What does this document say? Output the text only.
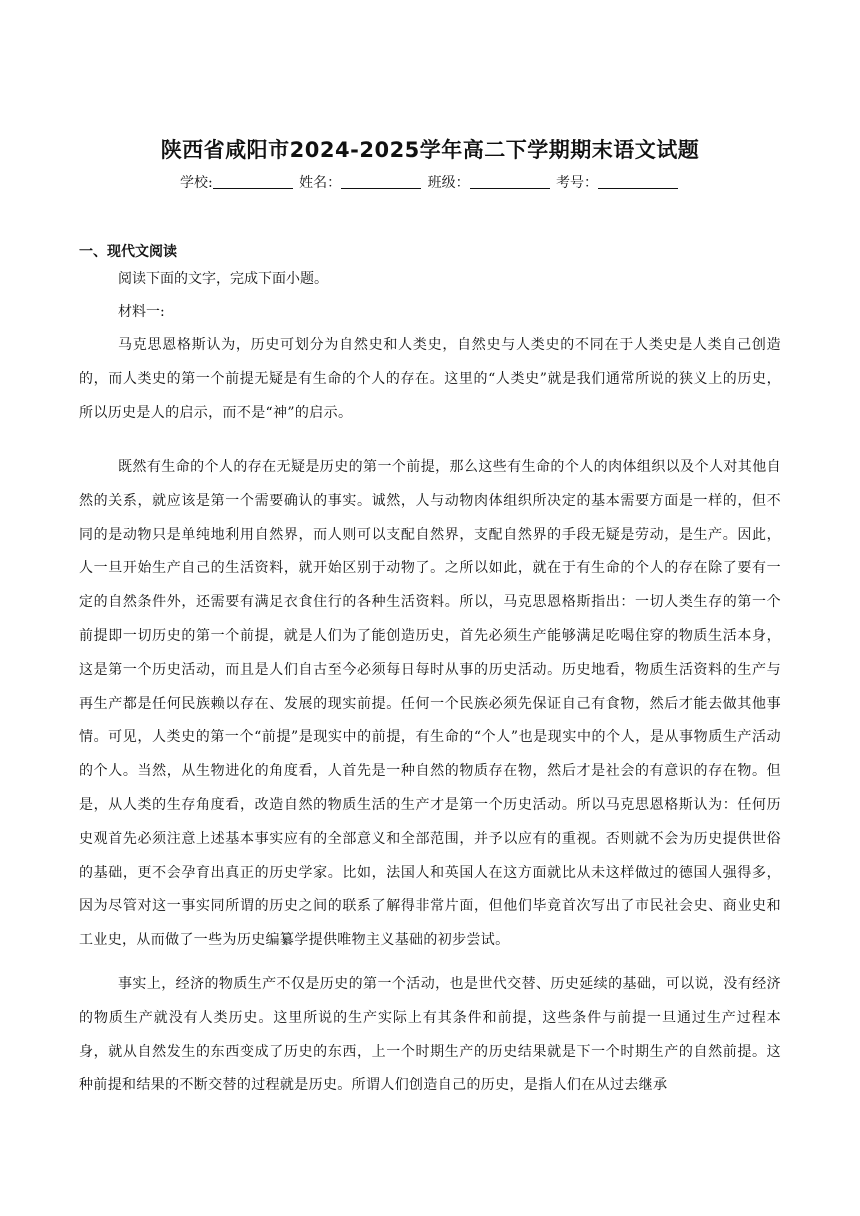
陕西省咸阳市2024-2025学年高二下学期期末语文试题
学校:	姓名：	班级：	考号：
一、现代文阅读
阅读下面的文字，完成下面小题。
材料一:
马克思恩格斯认为，历史可划分为自然史和人类史，自然史与人类史的不同在于人类史是人类自己创造的，而人类史的第一个前提无疑是有生命的个人的存在。这里的“人类史”就是我们通常所说的狭义上的历史，所以历史是人的启示，而不是“神”的启示。
既然有生命的个人的存在无疑是历史的第一个前提，那么这些有生命的个人的肉体组织以及个人对其他自然的关系，就应该是第一个需要确认的事实。诚然，人与动物肉体组织所决定的基本需要方面是一样的，但不同的是动物只是单纯地利用自然界，而人则可以支配自然界，支配自然界的手段无疑是劳动，是生产。因此，人一旦开始生产自己的生活资料，就开始区别于动物了。之所以如此，就在于有生命的个人的存在除了要有一定的自然条件外，还需要有满足衣食住行的各种生活资料。所以，马克思恩格斯指出：一切人类生存的第一个前提即一切历史的第一个前提，就是人们为了能创造历史，首先必须生产能够满足吃喝住穿的物质生活本身，这是第一个历史活动，而且是人们自古至今必须每日每时从事的历史活动。历史地看，物质生活资料的生产与再生产都是任何民族赖以存在、发展的现实前提。任何一个民族必须先保证自己有食物，然后才能去做其他事情。可见，人类史的第一个“前提”是现实中的前提，有生命的“个人”也是现实中的个人，是从事物质生产活动的个人。当然，从生物进化的角度看，人首先是一种自然的物质存在物，然后才是社会的有意识的存在物。但是，从人类的生存角度看，改造自然的物质生活的生产才是第一个历史活动。所以马克思恩格斯认为：任何历史观首先必须注意上述基本事实应有的全部意义和全部范围，并予以应有的重视。否则就不会为历史提供世俗的基础，更不会孕育出真正的历史学家。比如，法国人和英国人在这方面就比从未这样做过的德国人强得多，因为尽管对这一事实同所谓的历史之间的联系了解得非常片面，但他们毕竟首次写出了市民社会史、商业史和工业史，从而做了一些为历史编纂学提供唯物主义基础的初步尝试。
事实上，经济的物质生产不仅是历史的第一个活动，也是世代交替、历史延续的基础，可以说，没有经济的物质生产就没有人类历史。这里所说的生产实际上有其条件和前提，这些条件与前提一旦通过生产过程本身，就从自然发生的东西变成了历史的东西，上一个时期生产的历史结果就是下一个时期生产的自然前提。这种前提和结果的不断交替的过程就是历史。所谓人们创造自己的历史，是指人们在从过去继承
